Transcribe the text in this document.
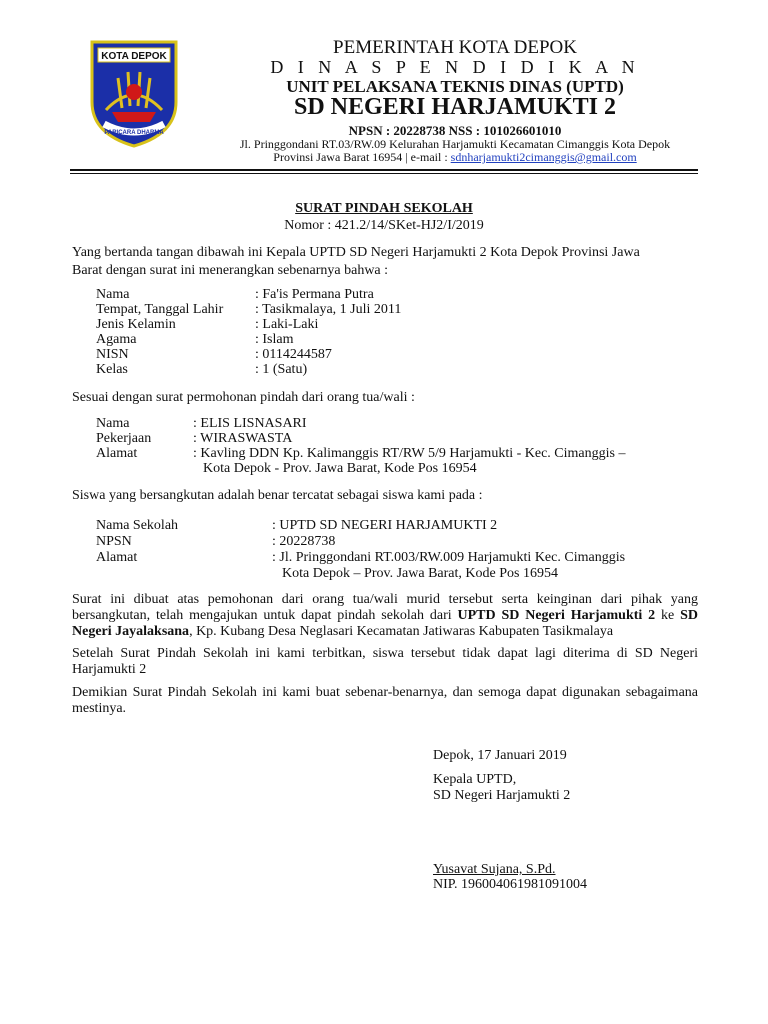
KOTA DEPOK
PARICARA DHARMA
PEMERINTAH KOTA DEPOK
D I N A S P E N D I D I K A N
UNIT PELAKSANA TEKNIS DINAS (UPTD)
SD NEGERI HARJAMUKTI 2
NPSN : 20228738 NSS : 101026601010
Jl. Pringgondani RT.03/RW.09 Kelurahan Harjamukti Kecamatan Cimanggis Kota Depok
Provinsi Jawa Barat 16954 | e-mail : sdnharjamukti2cimanggis@gmail.com
SURAT PINDAH SEKOLAH
Nomor : 421.2/14/SKet-HJ2/I/2019
Yang bertanda tangan dibawah ini Kepala UPTD SD Negeri Harjamukti 2 Kota Depok Provinsi Jawa
Barat dengan surat ini menerangkan sebenarnya bahwa :
Nama	: Fa'is Permana Putra
Tempat, Tanggal Lahir : Tasikmalaya, 1 Juli 2011
Jenis Kelamin	: Laki-Laki
Agama	: Islam
NISN	: 0114244587
Kelas	: 1 (Satu)
Sesuai dengan surat permohonan pindah dari orang tua/wali :
Nama	: ELIS LISNASARI
Pekerjaan	: WIRASWASTA
Alamat	: Kavling DDN Kp. Kalimanggis RT/RW 5/9 Harjamukti - Kec. Cimanggis –
Kota Depok - Prov. Jawa Barat, Kode Pos 16954
Siswa yang bersangkutan adalah benar tercatat sebagai siswa kami pada :
Nama Sekolah	: UPTD SD NEGERI HARJAMUKTI 2
NPSN	: 20228738
Alamat	: Jl. Pringgondani RT.003/RW.009 Harjamukti Kec. Cimanggis
Kota Depok – Prov. Jawa Barat, Kode Pos 16954
Surat ini dibuat atas pemohonan dari orang tua/wali murid tersebut serta keinginan dari pihak yang bersangkutan, telah mengajukan untuk dapat pindah sekolah dari UPTD SD Negeri Harjamukti 2 ke SD Negeri Jayalaksana, Kp. Kubang Desa Neglasari Kecamatan Jatiwaras Kabupaten Tasikmalaya
Setelah Surat Pindah Sekolah ini kami terbitkan, siswa tersebut tidak dapat lagi diterima di SD Negeri Harjamukti 2
Demikian Surat Pindah Sekolah ini kami buat sebenar-benarnya, dan semoga dapat digunakan sebagaimana mestinya.
Depok, 17 Januari 2019
Kepala UPTD,
SD Negeri Harjamukti 2
Yusavat Sujana, S.Pd.
NIP. 196004061981091004
